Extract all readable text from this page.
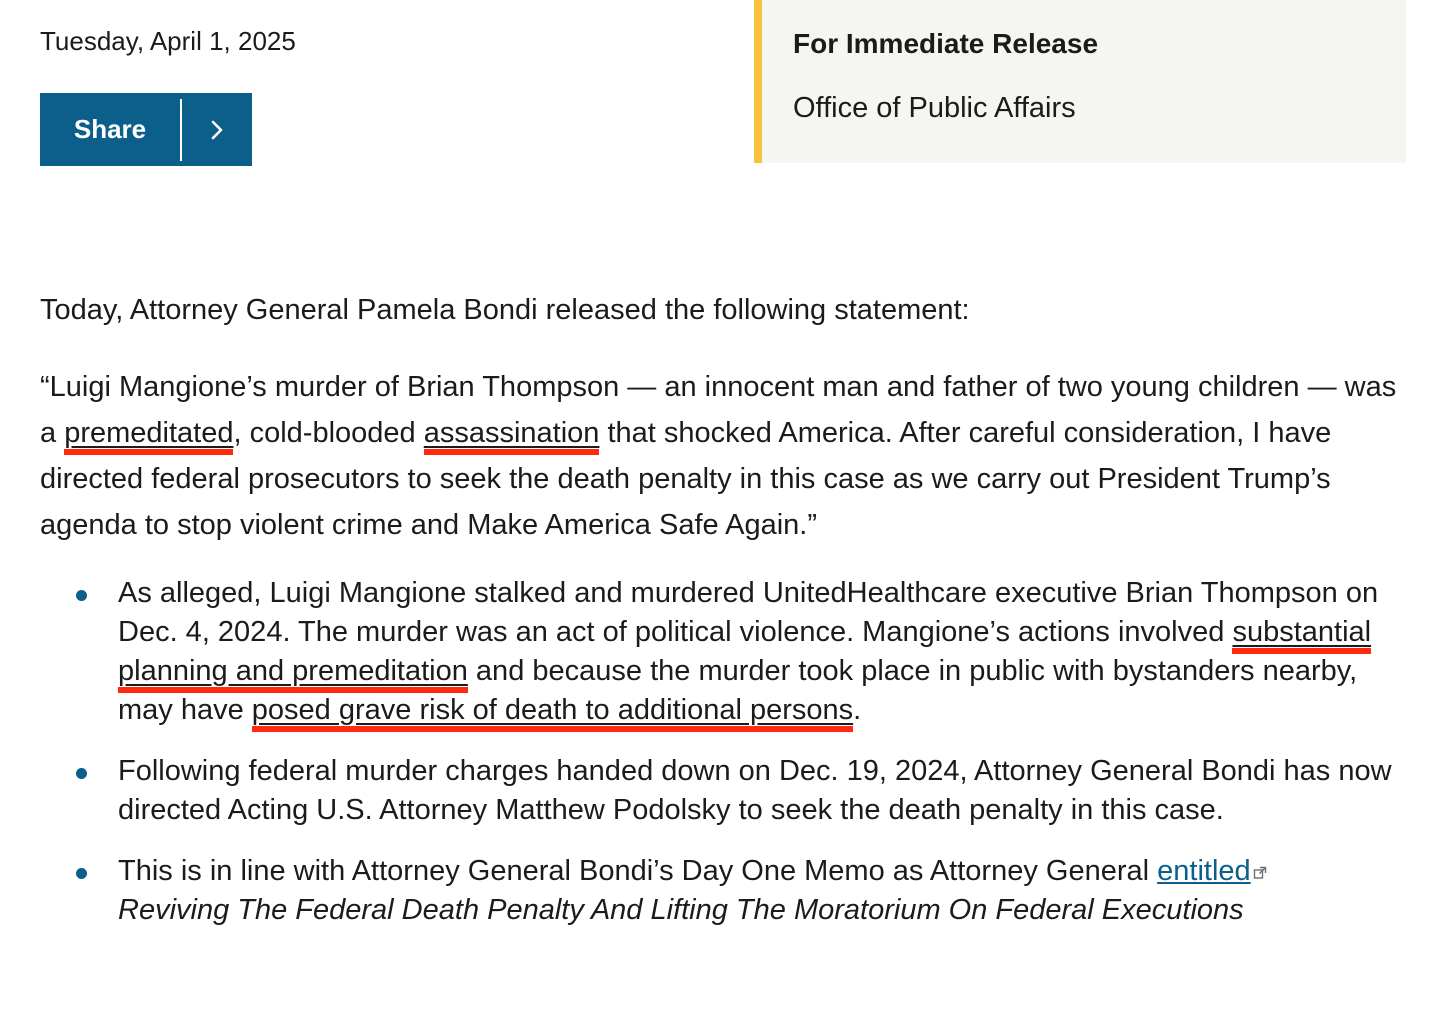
Tuesday, April 1, 2025
Share
For Immediate Release
Office of Public Affairs

Today, Attorney General Pamela Bondi released the following statement:

“Luigi Mangione’s murder of Brian Thompson — an innocent man and father of two young children — was a premeditated, cold-blooded assassination that shocked America. After careful consideration, I have directed federal prosecutors to seek the death penalty in this case as we carry out President Trump’s agenda to stop violent crime and Make America Safe Again.”

As alleged, Luigi Mangione stalked and murdered UnitedHealthcare executive Brian Thompson on Dec. 4, 2024. The murder was an act of political violence. Mangione’s actions involved substantial planning and premeditation and because the murder took place in public with bystanders nearby, may have posed grave risk of death to additional persons.
Following federal murder charges handed down on Dec. 19, 2024, Attorney General Bondi has now directed Acting U.S. Attorney Matthew Podolsky to seek the death penalty in this case.
This is in line with Attorney General Bondi’s Day One Memo as Attorney General entitled
Reviving The Federal Death Penalty And Lifting The Moratorium On Federal Executions
